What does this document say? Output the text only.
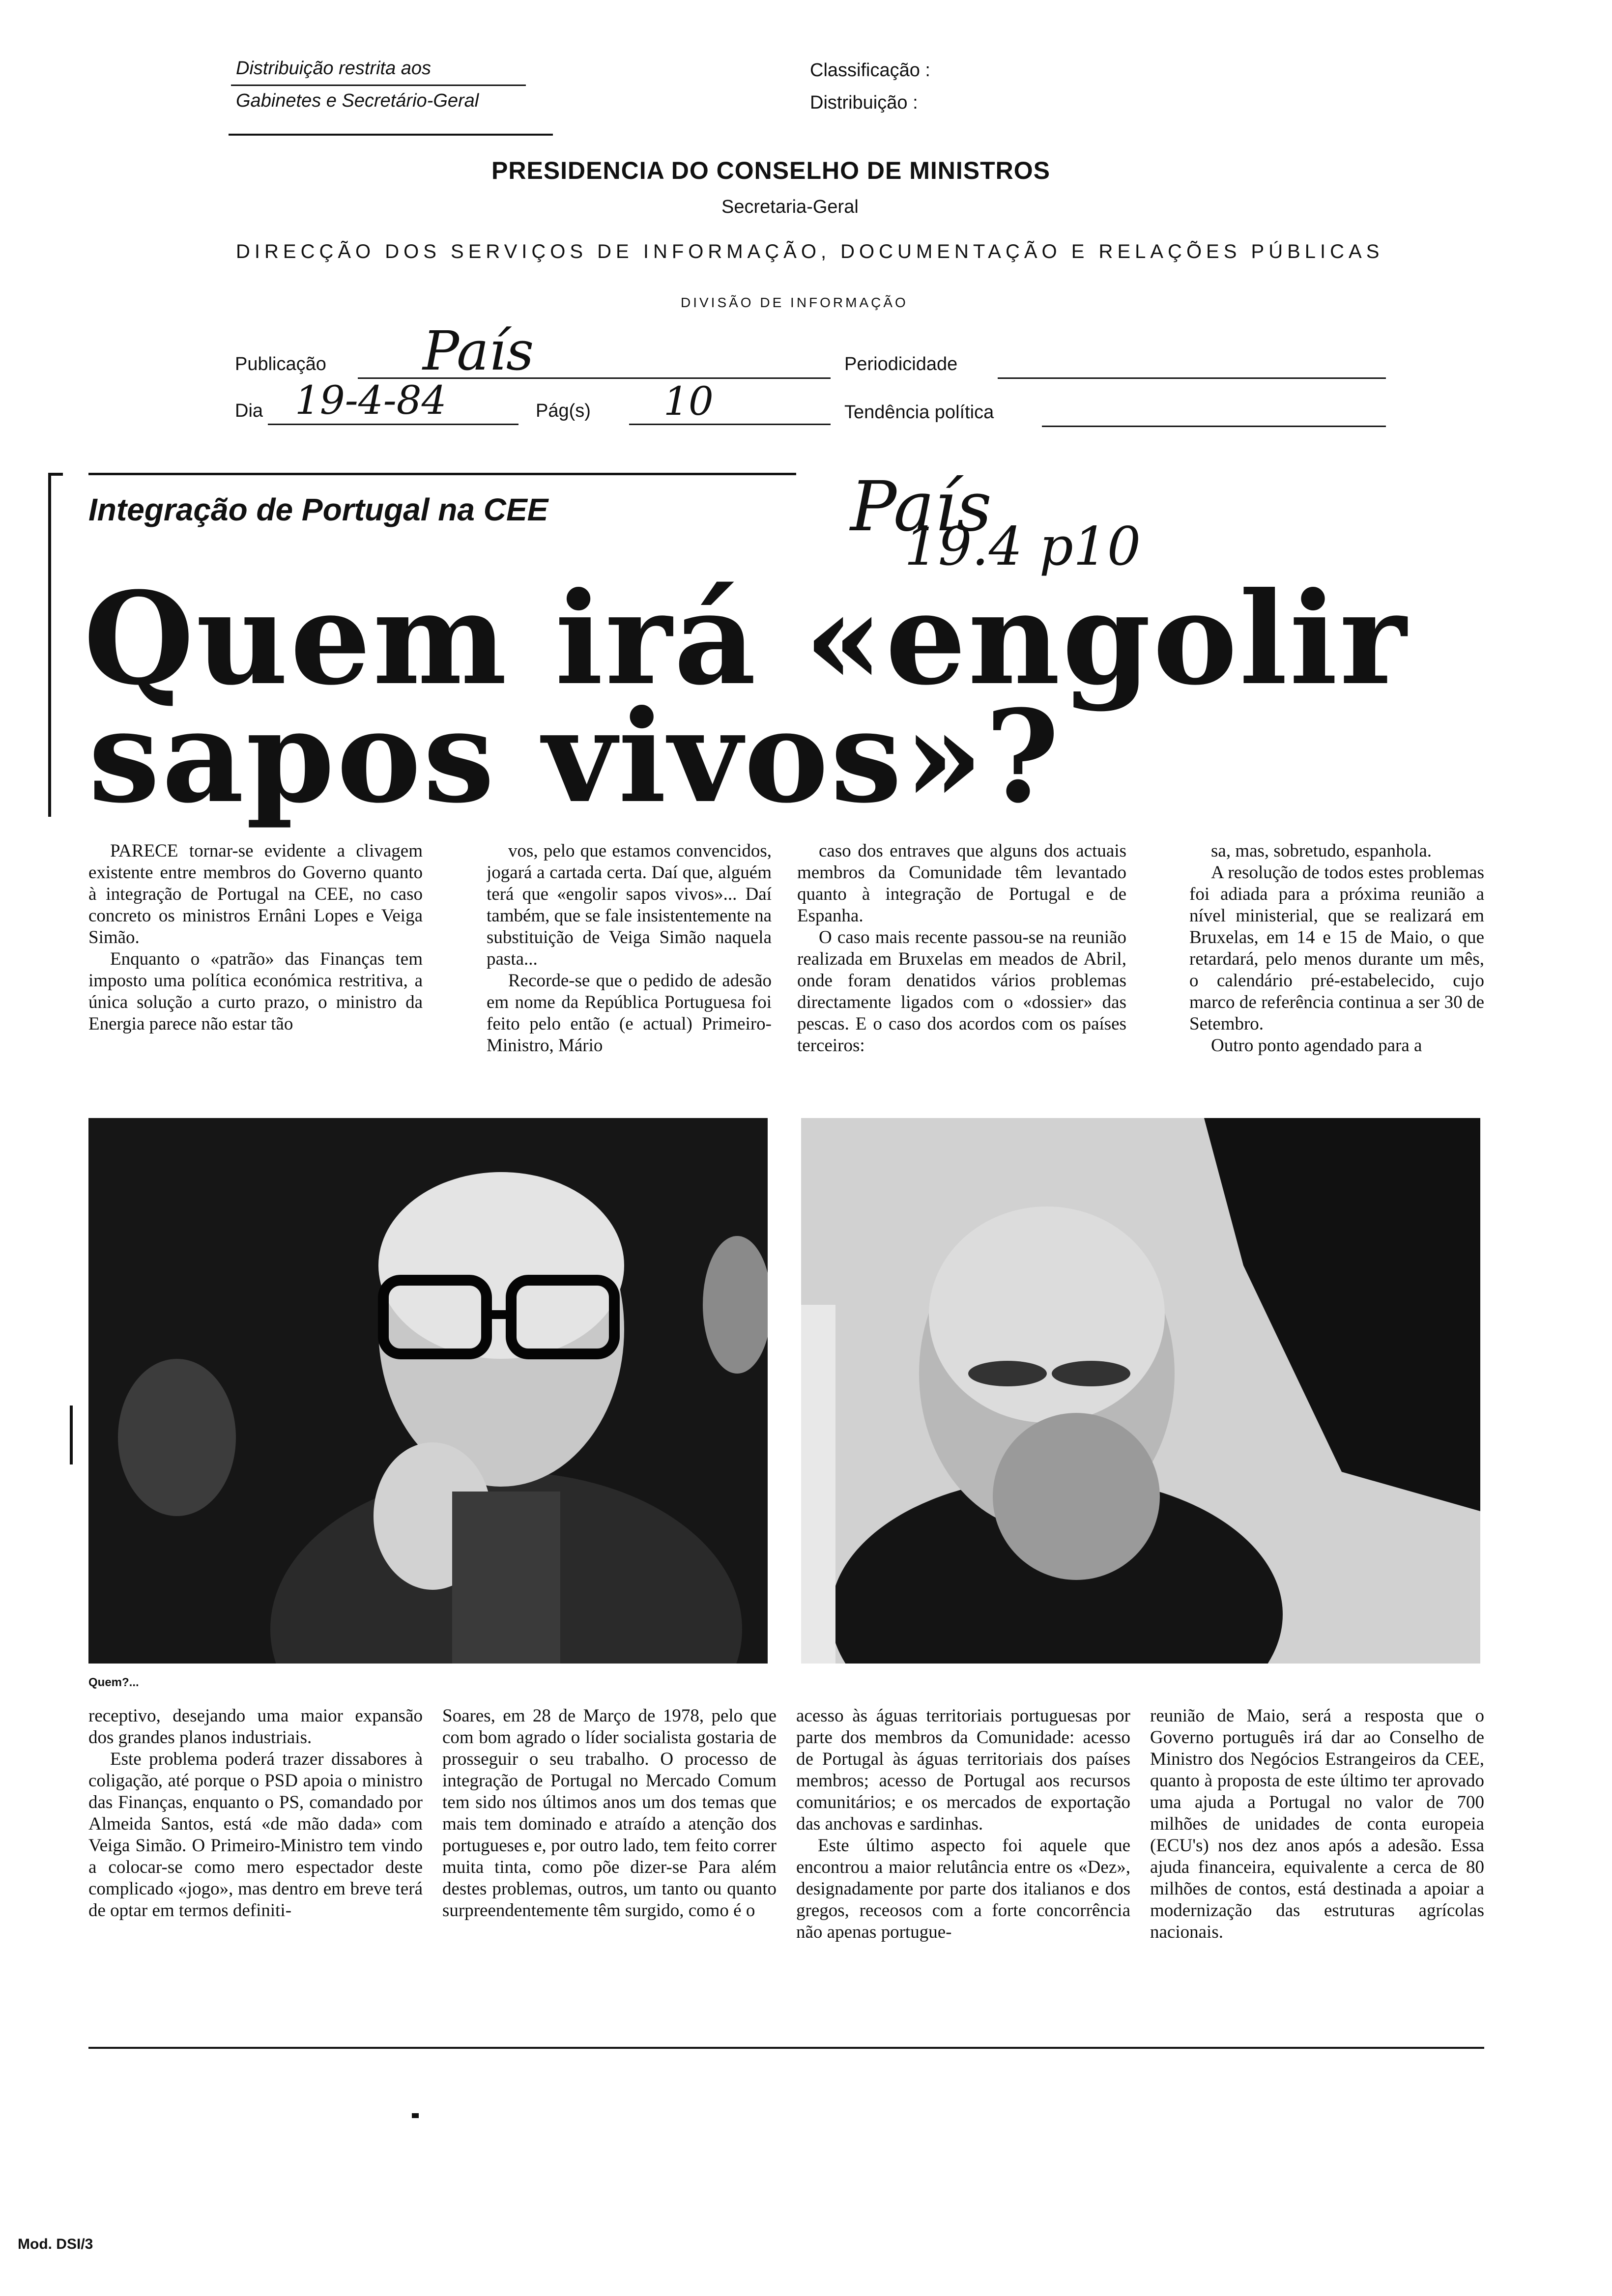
Distribuição restrita aos
Gabinetes e Secretário-Geral
Classificação :
Distribuição :
PRESIDENCIA DO CONSELHO DE MINISTROS
Secretaria-Geral
DIRECÇÃO DOS SERVIÇOS DE INFORMAÇÃO, DOCUMENTAÇÃO E RELAÇÕES PÚBLICAS
DIVISÃO DE INFORMAÇÃO
Publicação País	Periodicidade
Dia 19-4-84	Pág(s) 10	Tendência política
País
19.4 p10
Integração de Portugal na CEE
Quem irá «engolir
sapos vivos»?

PARECE tornar-se evidente a clivagem existente entre membros do Governo quanto à integração de Portugal na CEE, no caso concreto os ministros Ernâni Lopes e Veiga Simão.

Enquanto o «patrão» das Finanças tem imposto uma política económica restritiva, a única solução a curto prazo, o ministro da Energia parece não estar tão

vos, pelo que estamos convencidos, jogará a cartada certa. Daí que, alguém terá que «engolir sapos vivos»... Daí também, que se fale insistentemente na substituição de Veiga Simão naquela pasta...

Recorde-se que o pedido de adesão em nome da República Portuguesa foi feito pelo então (e actual) Primeiro-Ministro, Mário

caso dos entraves que alguns dos actuais membros da Comunidade têm levantado quanto à integração de Portugal e de Espanha.

O caso mais recente passou-se na reunião realizada em Bruxelas em meados de Abril, onde foram denatidos vários problemas directamente ligados com o «dossier» das pescas. E o caso dos acordos com os países terceiros:

sa, mas, sobretudo, espanhola.

A resolução de todos estes problemas foi adiada para a próxima reunião a nível ministerial, que se realizará em Bruxelas, em 14 e 15 de Maio, o que retardará, pelo menos durante um mês, o calendário pré-estabelecido, cujo marco de referência continua a ser 30 de Setembro.

Outro ponto agendado para a

Quem?...

receptivo, desejando uma maior expansão dos grandes planos industriais.

Este problema poderá trazer dissabores à coligação, até porque o PSD apoia o ministro das Finanças, enquanto o PS, comandado por Almeida Santos, está «de mão dada» com Veiga Simão. O Primeiro-Ministro tem vindo a colocar-se como mero espectador deste complicado «jogo», mas dentro em breve terá de optar em termos definiti-

Soares, em 28 de Março de 1978, pelo que com bom agrado o líder socialista gostaria de prosseguir o seu trabalho. O processo de integração de Portugal no Mercado Comum tem sido nos últimos anos um dos temas que mais tem dominado e atraído a atenção dos portugueses e, por outro lado, tem feito correr muita tinta, como põe dizer-se Para além destes problemas, outros, um tanto ou quanto surpreendentemente têm surgido, como é o

acesso às águas territoriais portuguesas por parte dos membros da Comunidade: acesso de Portugal às águas territoriais dos países membros; acesso de Portugal aos recursos comunitários; e os mercados de exportação das anchovas e sardinhas.

Este último aspecto foi aquele que encontrou a maior relutância entre os «Dez», designadamente por parte dos italianos e dos gregos, receosos com a forte concorrência não apenas portugue-

reunião de Maio, será a resposta que o Governo português irá dar ao Conselho de Ministro dos Negócios Estrangeiros da CEE, quanto à proposta de este último ter aprovado uma ajuda a Portugal no valor de 700 milhões de unidades de conta europeia (ECU's) nos dez anos após a adesão. Essa ajuda financeira, equivalente a cerca de 80 milhões de contos, está destinada a apoiar a modernização das estruturas agrícolas nacionais.

Mod. DSI/3
